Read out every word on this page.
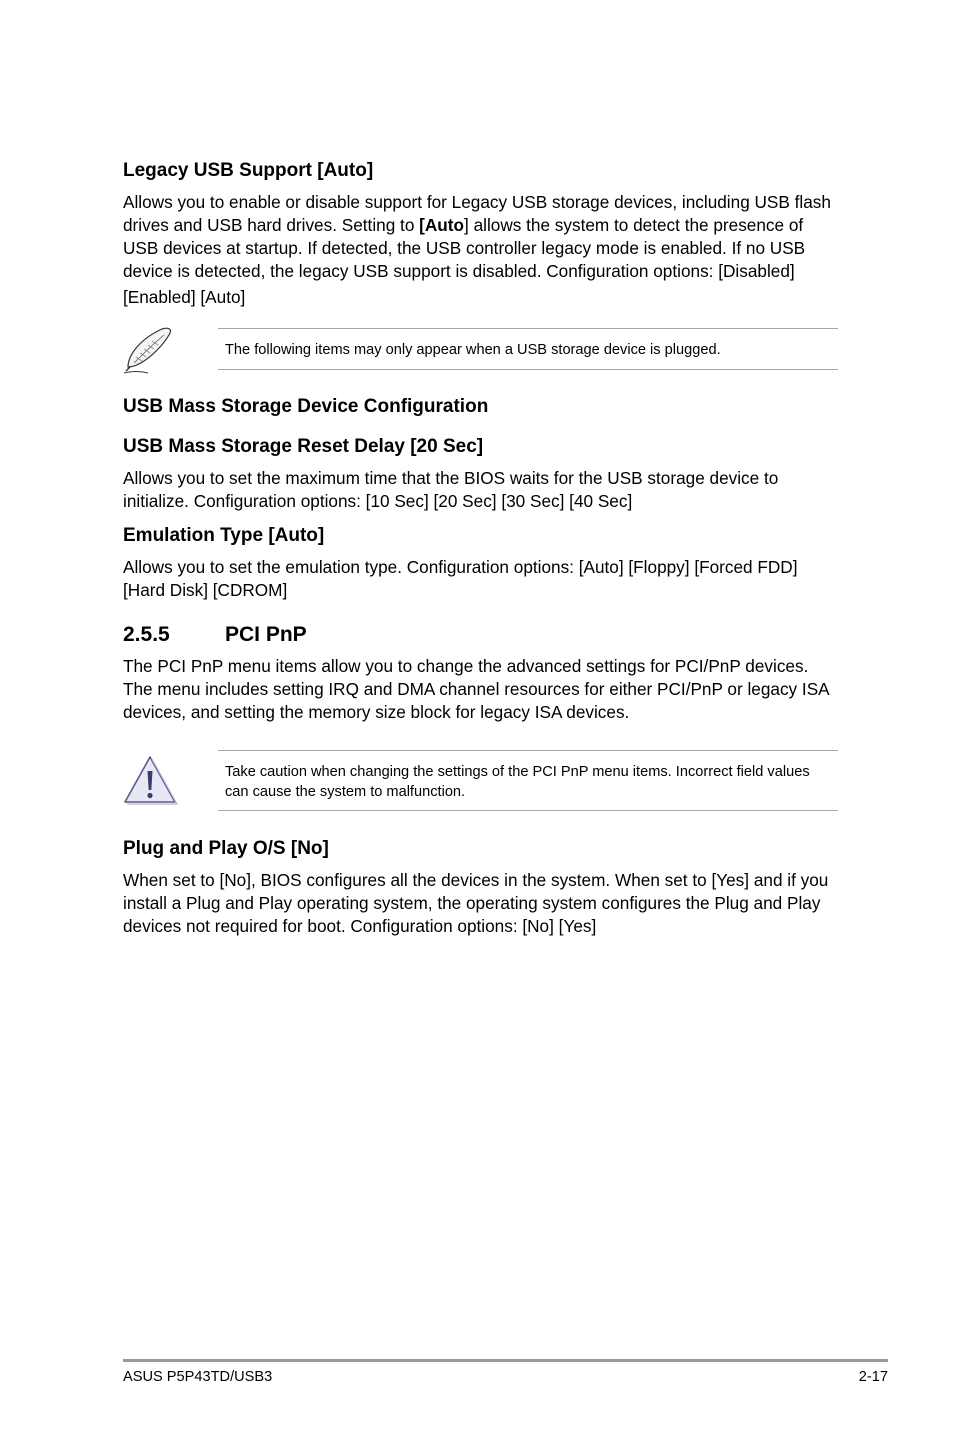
Legacy USB Support [Auto]
Allows you to enable or disable support for Legacy USB storage devices, including USB flash
drives and USB hard drives. Setting to [Auto] allows the system to detect the presence of
USB devices at startup. If detected, the USB controller legacy mode is enabled. If no USB
device is detected, the legacy USB support is disabled. Configuration options: [Disabled]
[Enabled] [Auto]
The following items may only appear when a USB storage device is plugged.
USB Mass Storage Device Configuration
USB Mass Storage Reset Delay [20 Sec]
Allows you to set the maximum time that the BIOS waits for the USB storage device to
initialize. Configuration options: [10 Sec] [20 Sec] [30 Sec] [40 Sec]
Emulation Type [Auto]
Allows you to set the emulation type. Configuration options: [Auto] [Floppy] [Forced FDD]
[Hard Disk] [CDROM]
2.5.5	PCI PnP
The PCI PnP menu items allow you to change the advanced settings for PCI/PnP devices.
The menu includes setting IRQ and DMA channel resources for either PCI/PnP or legacy ISA
devices, and setting the memory size block for legacy ISA devices.
Take caution when changing the settings of the PCI PnP menu items. Incorrect field values
can cause the system to malfunction.
Plug and Play O/S [No]
When set to [No], BIOS configures all the devices in the system. When set to [Yes] and if you
install a Plug and Play operating system, the operating system configures the Plug and Play
devices not required for boot. Configuration options: [No] [Yes]
ASUS P5P43TD/USB3	2-17
